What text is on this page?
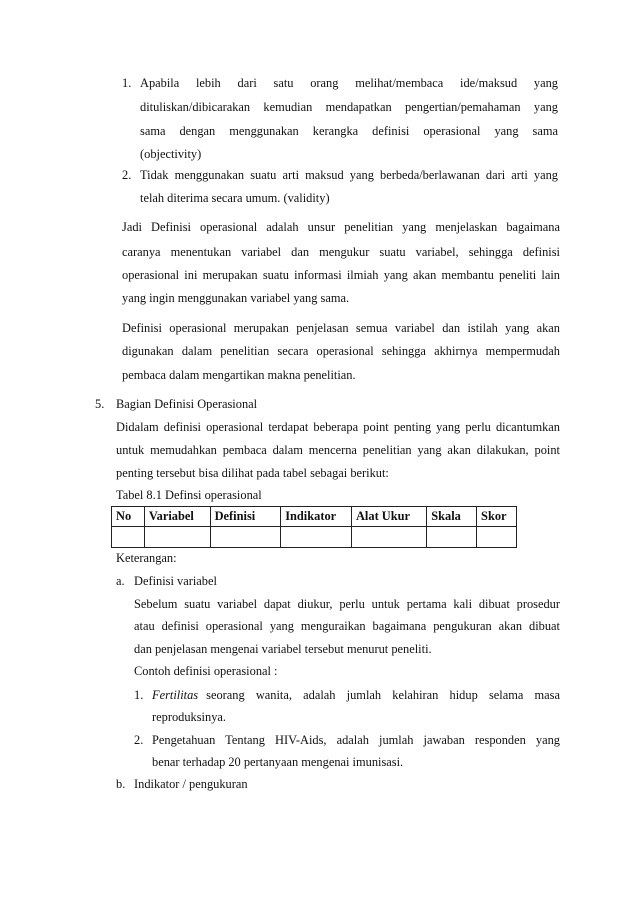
1. Apabila lebih dari satu orang melihat/membaca ide/maksud yang
dituliskan/dibicarakan kemudian mendapatkan pengertian/pemahaman yang
sama dengan menggunakan kerangka definisi operasional yang sama
(objectivity)
2. Tidak menggunakan suatu arti maksud yang berbeda/berlawanan dari arti yang
telah diterima secara umum. (validity)
Jadi Definisi operasional adalah unsur penelitian yang menjelaskan bagaimana
caranya menentukan variabel dan mengukur suatu variabel, sehingga definisi
operasional ini merupakan suatu informasi ilmiah yang akan membantu peneliti lain
yang ingin menggunakan variabel yang sama.
Definisi operasional merupakan penjelasan semua variabel dan istilah yang akan
digunakan dalam penelitian secara operasional sehingga akhirnya mempermudah
pembaca dalam mengartikan makna penelitian.
5. Bagian Definisi Operasional
Didalam definisi operasional terdapat beberapa point penting yang perlu dicantumkan
untuk memudahkan pembaca dalam mencerna penelitian yang akan dilakukan, point
penting tersebut bisa dilihat pada tabel sebagai berikut:
Tabel 8.1 Definsi operasional
No	Variabel	Definisi	Indikator	Alat Ukur	Skala	Skor

Keterangan:
a. Definisi variabel
Sebelum suatu variabel dapat diukur, perlu untuk pertama kali dibuat prosedur
atau definisi operasional yang menguraikan bagaimana pengukuran akan dibuat
dan penjelasan mengenai variabel tersebut menurut peneliti.
Contoh definisi operasional :
1. Fertilitas seorang wanita, adalah jumlah kelahiran hidup selama masa
reproduksinya.
2. Pengetahuan Tentang HIV-Aids, adalah jumlah jawaban responden yang
benar terhadap 20 pertanyaan mengenai imunisasi.
b. Indikator / pengukuran
